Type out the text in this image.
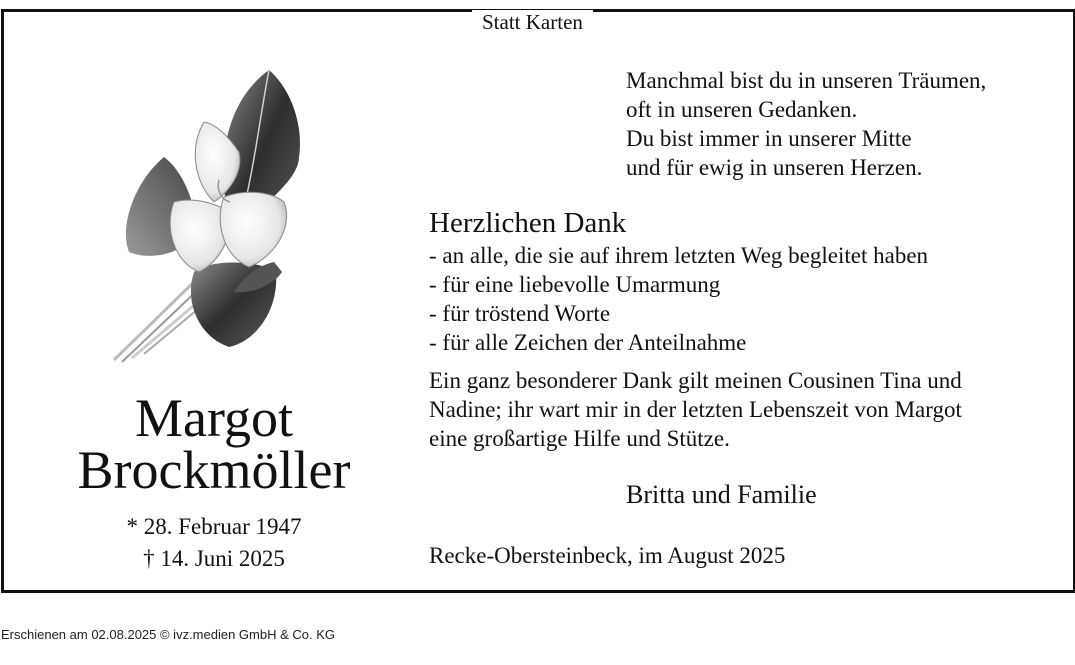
Statt Karten
Margot
Brockmöller
* 28. Februar 1947
† 14. Juni 2025
Manchmal bist du in unseren Träumen,
oft in unseren Gedanken.
Du bist immer in unserer Mitte
und für ewig in unseren Herzen.
Herzlichen Dank
- an alle, die sie auf ihrem letzten Weg begleitet haben
- für eine liebevolle Umarmung
- für tröstend Worte
- für alle Zeichen der Anteilnahme
Ein ganz besonderer Dank gilt meinen Cousinen Tina und
Nadine; ihr wart mir in der letzten Lebenszeit von Margot
eine großartige Hilfe und Stütze.
Britta und Familie
Recke-Obersteinbeck, im August 2025
Erschienen am 02.08.2025 © ivz.medien GmbH & Co. KG
